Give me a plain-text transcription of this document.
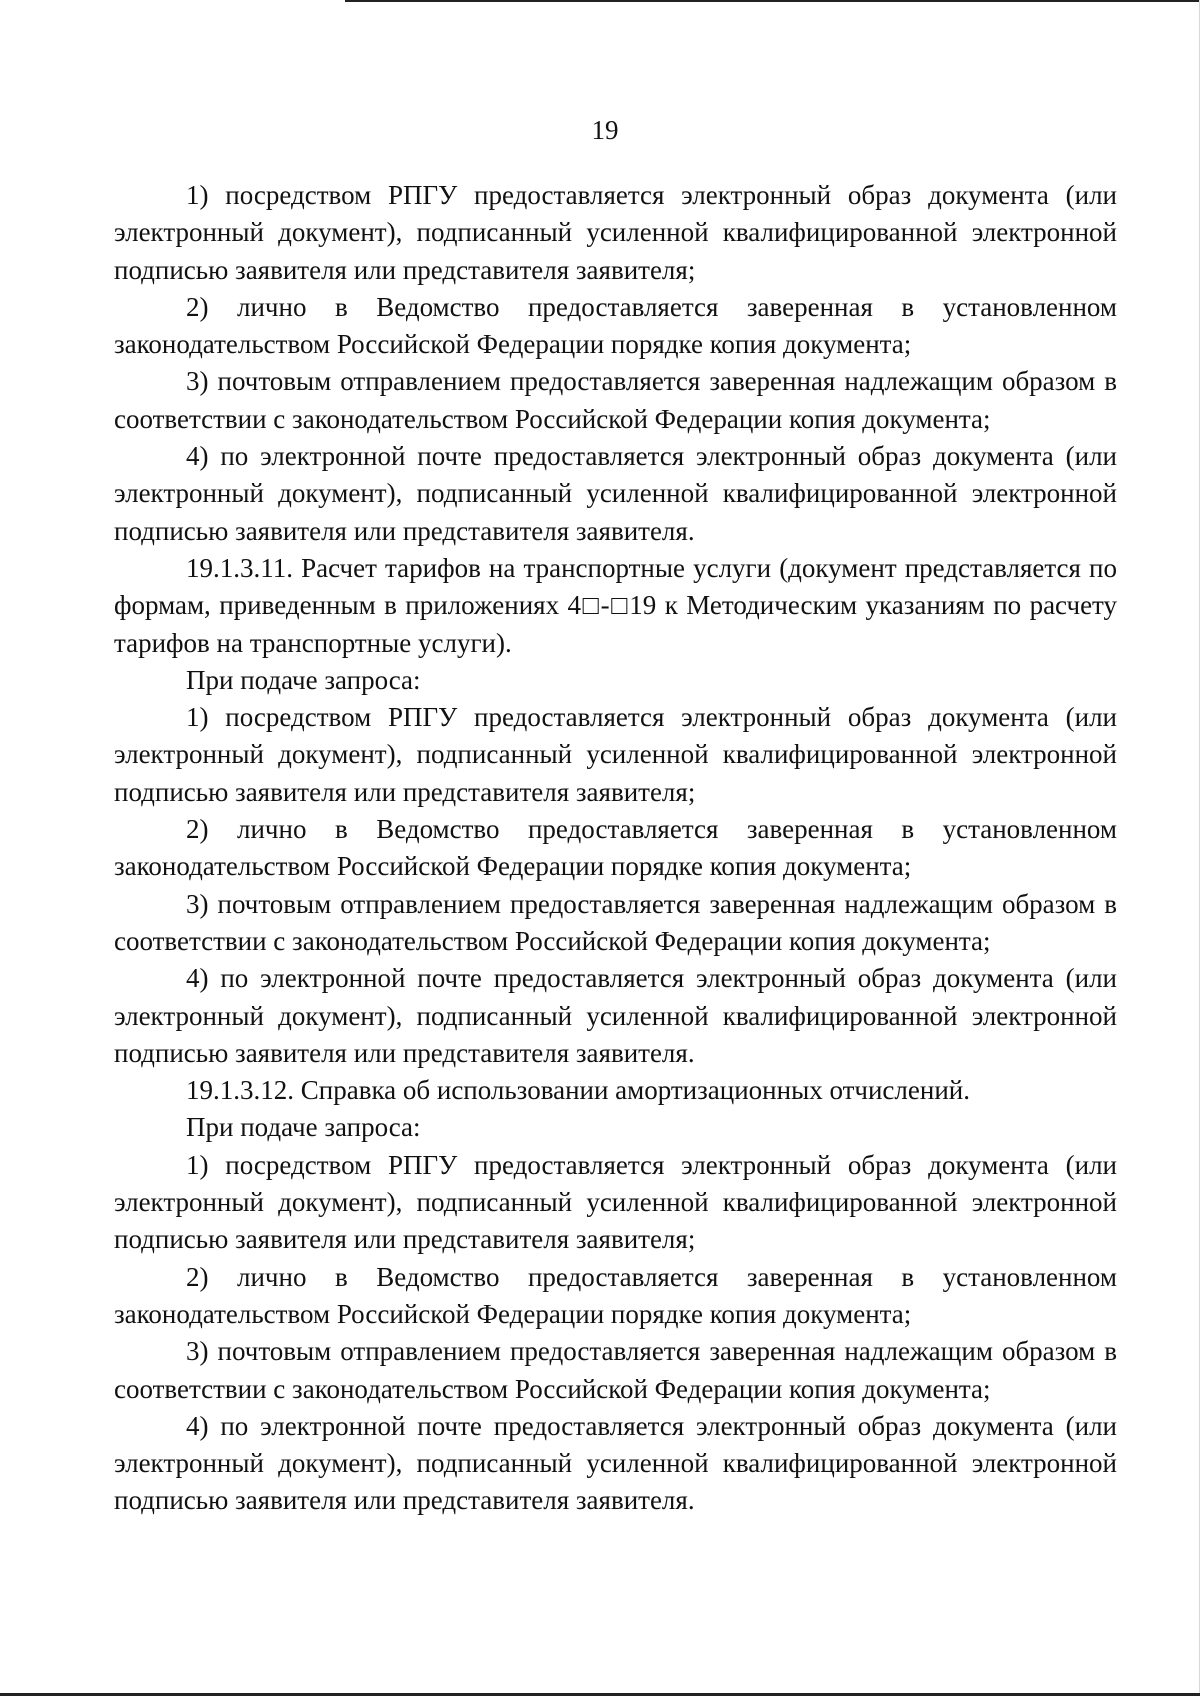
19

1) посредством РПГУ предоставляется электронный образ документа (или электронный документ), подписанный усиленной квалифицированной электронной подписью заявителя или представителя заявителя;

2) лично в Ведомство предоставляется заверенная в установленном законодательством Российской Федерации порядке копия документа;

3) почтовым отправлением предоставляется заверенная надлежащим образом в соответствии с законодательством Российской Федерации копия документа;

4) по электронной почте предоставляется электронный образ документа (или электронный документ), подписанный усиленной квалифицированной электронной подписью заявителя или представителя заявителя.

19.1.3.11. Расчет тарифов на транспортные услуги (документ представляется по формам, приведенным в приложениях 4□-□19 к Методическим указаниям по расчету тарифов на транспортные услуги).

При подаче запроса:

1) посредством РПГУ предоставляется электронный образ документа (или электронный документ), подписанный усиленной квалифицированной электронной подписью заявителя или представителя заявителя;

2) лично в Ведомство предоставляется заверенная в установленном законодательством Российской Федерации порядке копия документа;

3) почтовым отправлением предоставляется заверенная надлежащим образом в соответствии с законодательством Российской Федерации копия документа;

4) по электронной почте предоставляется электронный образ документа (или электронный документ), подписанный усиленной квалифицированной электронной подписью заявителя или представителя заявителя.

19.1.3.12. Справка об использовании амортизационных отчислений.

При подаче запроса:

1) посредством РПГУ предоставляется электронный образ документа (или электронный документ), подписанный усиленной квалифицированной электронной подписью заявителя или представителя заявителя;

2) лично в Ведомство предоставляется заверенная в установленном законодательством Российской Федерации порядке копия документа;

3) почтовым отправлением предоставляется заверенная надлежащим образом в соответствии с законодательством Российской Федерации копия документа;

4) по электронной почте предоставляется электронный образ документа (или электронный документ), подписанный усиленной квалифицированной электронной подписью заявителя или представителя заявителя.
